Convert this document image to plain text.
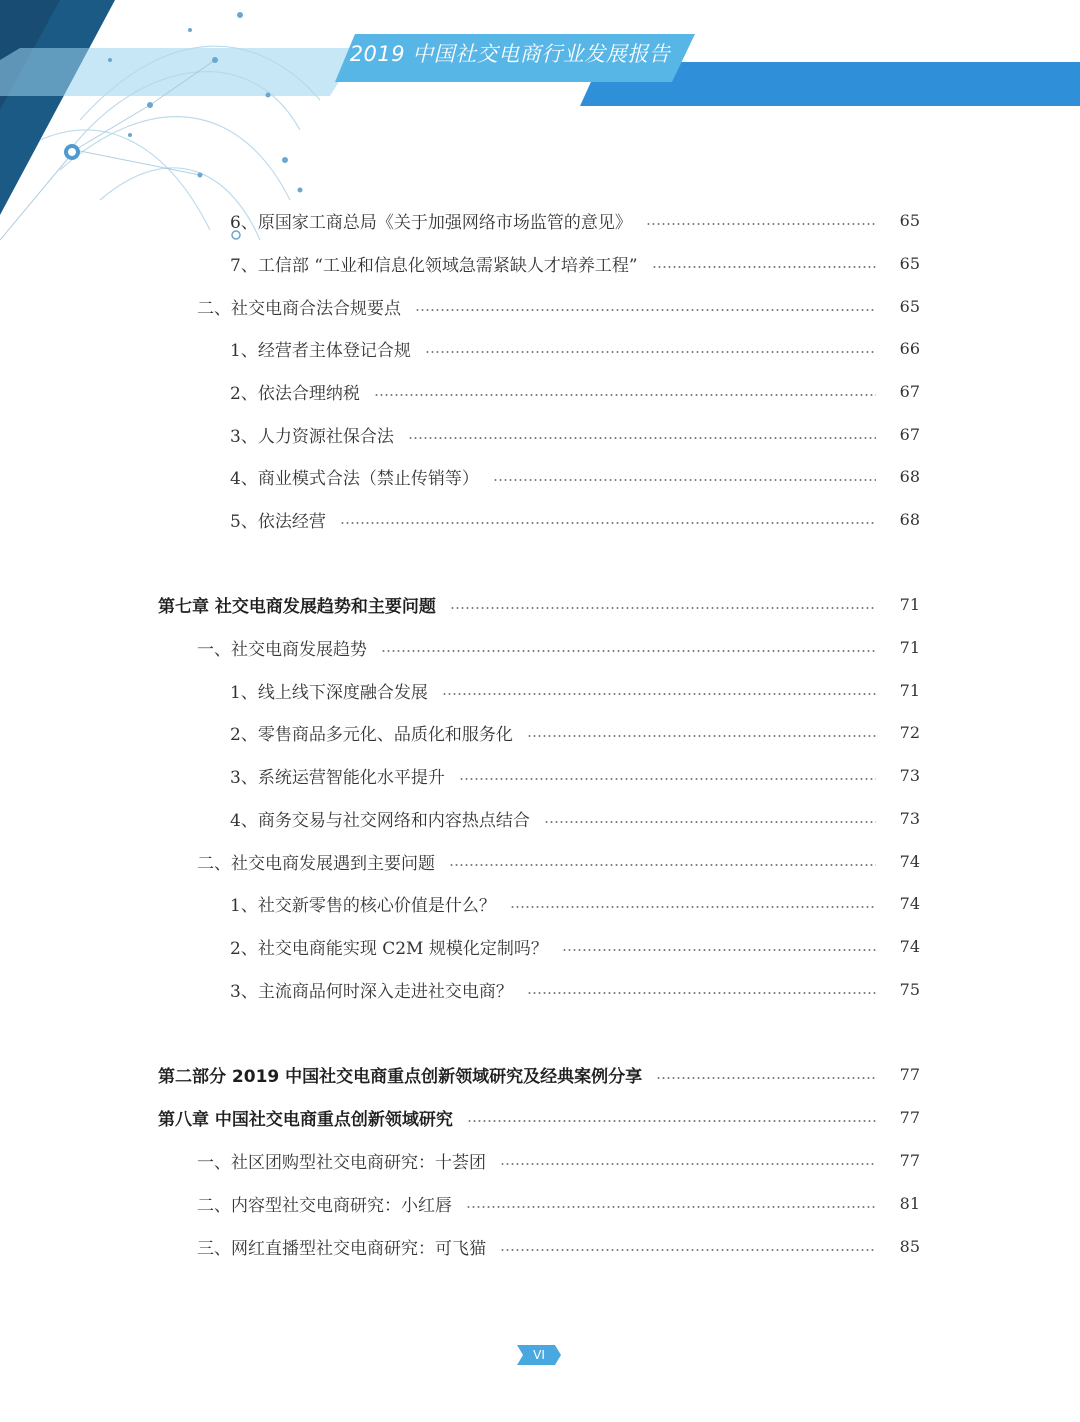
2019 中国社交电商行业发展报告
6、原国家工商总局《关于加强网络市场监管的意见》	65
7、工信部 “工业和信息化领域急需紧缺人才培养工程”	65
二、社交电商合法合规要点	65
1、经营者主体登记合规	66
2、依法合理纳税	67
3、人力资源社保合法	67
4、商业模式合法（禁止传销等）	68
5、依法经营	68
第七章 社交电商发展趋势和主要问题	71
一、社交电商发展趋势	71
1、线上线下深度融合发展	71
2、零售商品多元化、品质化和服务化	72
3、系统运营智能化水平提升	73
4、商务交易与社交网络和内容热点结合	73
二、社交电商发展遇到主要问题	74
1、社交新零售的核心价值是什么？	74
2、社交电商能实现 C2M 规模化定制吗？	74
3、主流商品何时深入走进社交电商？	75
第二部分 2019 中国社交电商重点创新领域研究及经典案例分享	77
第八章 中国社交电商重点创新领域研究	77
一、社区团购型社交电商研究：十荟团	77
二、内容型社交电商研究：小红唇	81
三、网红直播型社交电商研究：可飞猫	85
VI
